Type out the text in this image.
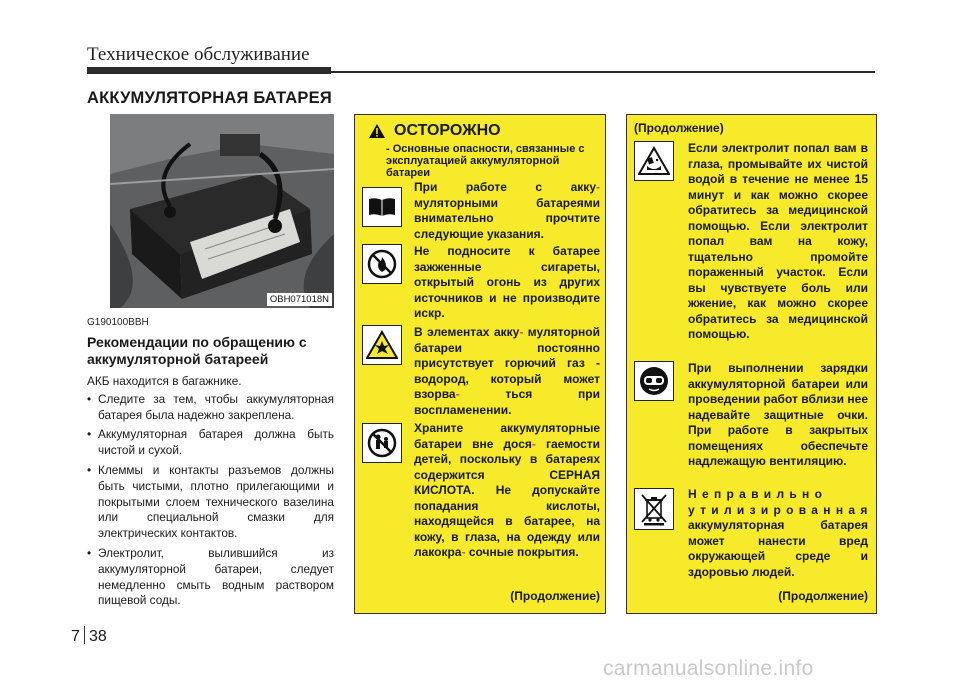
Техническое обслуживание
АККУМУЛЯТОРНАЯ БАТАРЕЯ
OBH071018N
G190100BBH
Рекомендации по обращению с аккумуляторной батареей

АКБ находится в багажнике.

• Следите за тем, чтобы аккумуляторная батарея была надежно закреплена.
• Аккумуляторная батарея должна быть чистой и сухой.
• Клеммы и контакты разъемов должны быть чистыми, плотно прилегающими и покрытыми слоем технического вазелина или специальной смазки для электрических контактов.
• Электролит, вылившийся из аккумуляторной батареи, следует немедленно смыть водным раствором пищевой соды.
ОСТОРОЖНО
- Основные опасности, связанные с эксплуатацией аккумуляторной батареи
При работе с акку- муляторными батареями внимательно прочтите следующие указания.
Не подносите к батарее зажженные сигареты, открытый огонь из других источников и не производите искр.
В элементах акку- муляторной батареи постоянно присутствует горючий газ - водород, который может взорва-	ться при воспламенении.
Храните аккумуляторные батареи вне дося- гаемости детей, поскольку в батареях содержится СЕРНАЯ КИСЛОТА. Не допускайте попадания кислоты, находящейся в батарее, на кожу, в глаза, на одежду или лакокра- сочные покрытия.
(Продолжение)
(Продолжение)
Если электролит попал вам в глаза, промывайте их чистой водой в течение не менее 15 минут и как можно скорее обратитесь за медицинской помощью. Если электролит попал вам на кожу, тщательно промойте пораженный участок. Если вы чувствуете боль или жжение, как можно скорее обратитесь за медицинской помощью.
При выполнении зарядки аккумуляторной батареи или проведении работ вблизи нее надевайте защитные очки. При работе в закрытых помещениях обеспечьте надлежащую вентиляцию.
Неправильно утилизированная
аккумуляторная батарея может нанести вред окружающей среде и здоровью людей.
(Продолжение)
7 38
carmanualsonline.info
